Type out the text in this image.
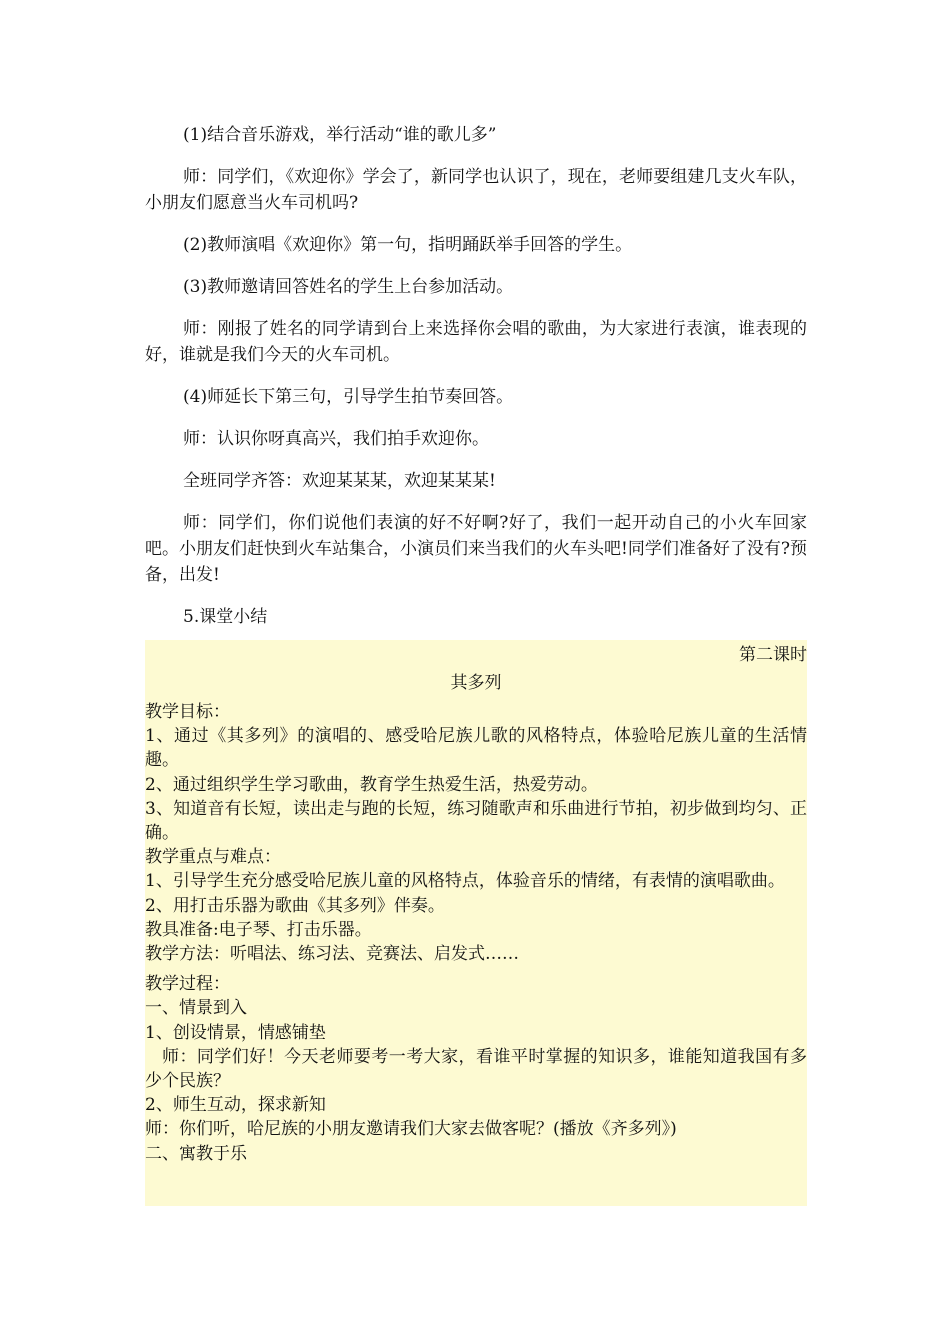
(1)结合音乐游戏，举行活动“谁的歌儿多”

师：同学们，《欢迎你》学会了，新同学也认识了，现在，老师要组建几支火车队，小朋友们愿意当火车司机吗?

(2)教师演唱《欢迎你》第一句，指明踊跃举手回答的学生。

(3)教师邀请回答姓名的学生上台参加活动。

师：刚报了姓名的同学请到台上来选择你会唱的歌曲，为大家进行表演，谁表现的好，谁就是我们今天的火车司机。

(4)师延长下第三句，引导学生拍节奏回答。

师：认识你呀真高兴，我们拍手欢迎你。

全班同学齐答：欢迎某某某，欢迎某某某!

师：同学们，你们说他们表演的好不好啊?好了，我们一起开动自己的小火车回家吧。小朋友们赶快到火车站集合，小演员们来当我们的火车头吧!同学们准备好了没有?预备，出发!

5.课堂小结

第二课时

其多列

教学目标：

1、通过《其多列》的演唱的、感受哈尼族儿歌的风格特点，体验哈尼族儿童的生活情趣。

2、通过组织学生学习歌曲，教育学生热爱生活，热爱劳动。

3、知道音有长短，读出走与跑的长短，练习随歌声和乐曲进行节拍，初步做到均匀、正确。

教学重点与难点：

1、引导学生充分感受哈尼族儿童的风格特点，体验音乐的情绪，有表情的演唱歌曲。

2、用打击乐器为歌曲《其多列》伴奏。

教具准备:电子琴、打击乐器。

教学方法：听唱法、练习法、竞赛法、启发式……

教学过程：

一、情景到入

1、创设情景，情感铺垫

师：同学们好！今天老师要考一考大家，看谁平时掌握的知识多，谁能知道我国有多少个民族？

2、师生互动，探求新知

师：你们听，哈尼族的小朋友邀请我们大家去做客呢？(播放《齐多列》)

二、寓教于乐
